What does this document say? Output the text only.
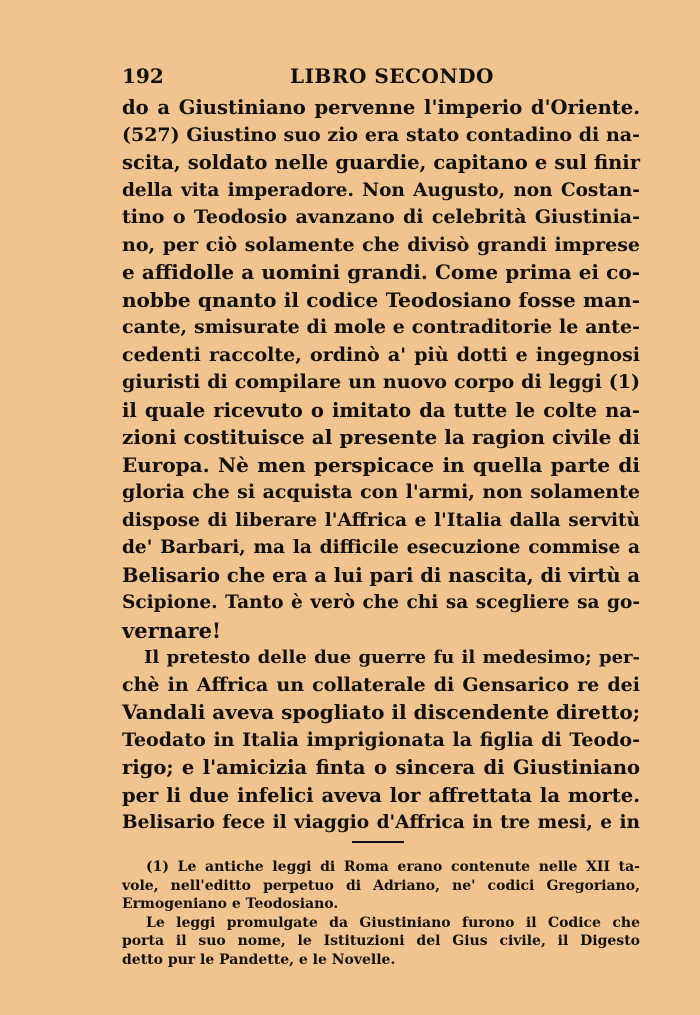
192	LIBRO SECONDO
do a Giustiniano pervenne l'imperio d'Oriente.
(527) Giustino suo zio era stato contadino di na-
scita, soldato nelle guardie, capitano e sul finir
della vita imperadore. Non Augusto, non Costan-
tino o Teodosio avanzano di celebrità Giustinia-
no, per ciò solamente che divisò grandi imprese
e affidolle a uomini grandi. Come prima ei co-
nobbe qnanto il codice Teodosiano fosse man-
cante, smisurate di mole e contraditorie le ante-
cedenti raccolte, ordinò a' più dotti e ingegnosi
giuristi di compilare un nuovo corpo di leggi (1)
il quale ricevuto o imitato da tutte le colte na-
zioni costituisce al presente la ragion civile di
Europa. Nè men perspicace in quella parte di
gloria che si acquista con l'armi, non solamente
dispose di liberare l'Affrica e l'Italia dalla servitù
de' Barbari, ma la difficile esecuzione commise a
Belisario che era a lui pari di nascita, di virtù a
Scipione. Tanto è verò che chi sa scegliere sa go-
vernare!
Il pretesto delle due guerre fu il medesimo; per-
chè in Affrica un collaterale di Gensarico re dei
Vandali aveva spogliato il discendente diretto;
Teodato in Italia imprigionata la figlia di Teodo-
rigo; e l'amicizia finta o sincera di Giustiniano
per li due infelici aveva lor affrettata la morte.
Belisario fece il viaggio d'Affrica in tre mesi, e in
(1) Le antiche leggi di Roma erano contenute nelle XII ta-
vole, nell'editto perpetuo di Adriano, ne' codici Gregoriano,
Ermogeniano e Teodosiano.
Le leggi promulgate da Giustiniano furono il Codice che
porta il suo nome, le Istituzioni del Gius civile, il Digesto
detto pur le Pandette, e le Novelle.
